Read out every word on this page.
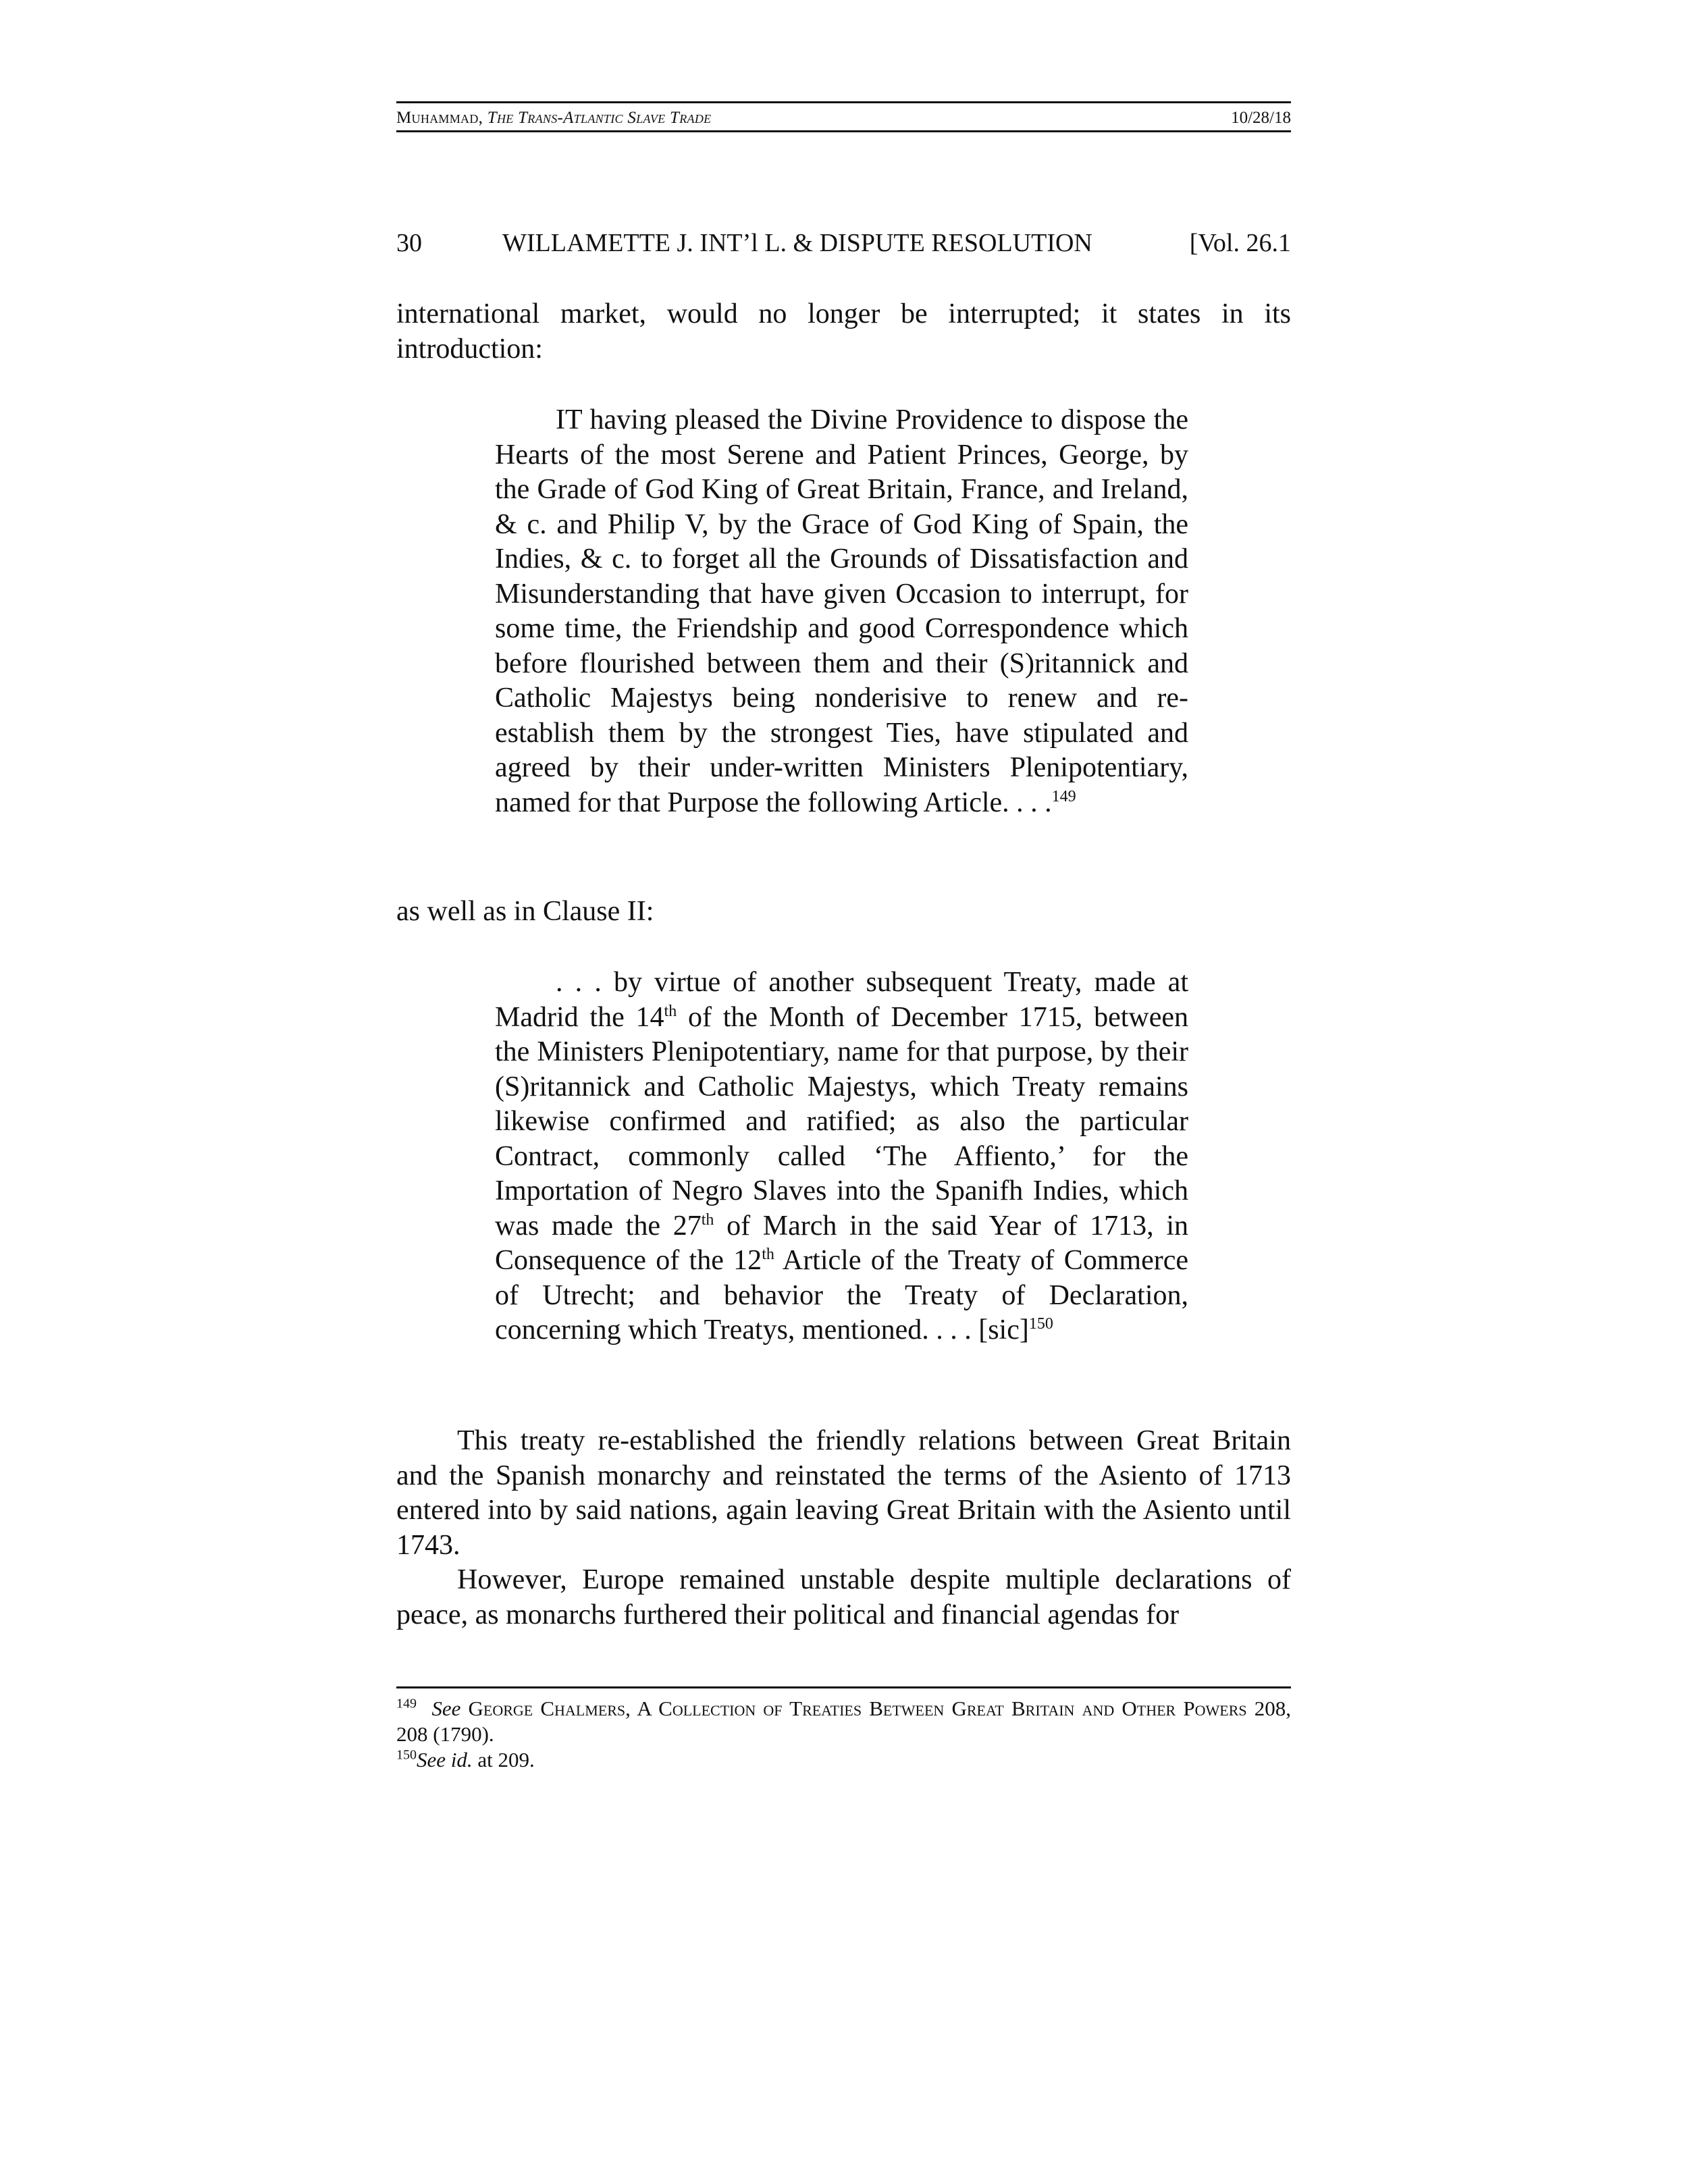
Muhammad, The Trans-Atlantic Slave Trade	10/28/18
30	WILLAMETTE J. INT’l L. & DISPUTE RESOLUTION	[Vol. 26.1

international market, would no longer be interrupted; it states in its introduction:

IT having pleased the Divine Providence to dispose the Hearts of the most Serene and Patient Princes, George, by the Grade of God King of Great Britain, France, and Ireland, & c. and Philip V, by the Grace of God King of Spain, the Indies, & c. to forget all the Grounds of Dissatisfaction and Misunderstanding that have given Occasion to interrupt, for some time, the Friendship and good Correspondence which before flourished between them and their (S)ritannick and Catholic Majestys being nonderisive to renew and re-establish them by the strongest Ties, have stipulated and agreed by their under-written Ministers Plenipotentiary, named for that Purpose the following Article. . . .$^{149}$

as well as in Clause II:

. . . by virtue of another subsequent Treaty, made at Madrid the 14th of the Month of December 1715, between the Ministers Plenipotentiary, name for that purpose, by their (S)ritannick and Catholic Majestys, which Treaty remains likewise confirmed and ratified; as also the particular Contract, commonly called ‘The Affiento,’ for the Importation of Negro Slaves into the Spanifh Indies, which was made the 27th of March in the said Year of 1713, in Consequence of the 12th Article of the Treaty of Commerce of Utrecht; and behavior the Treaty of Declaration, concerning which Treatys, mentioned. . . . [sic]$^{150}$

This treaty re-established the friendly relations between Great Britain and the Spanish monarchy and reinstated the terms of the Asiento of 1713 entered into by said nations, again leaving Great Britain with the Asiento until 1743.

However, Europe remained unstable despite multiple declarations of peace, as monarchs furthered their political and financial agendas for

$^{149}$ See George Chalmers, A Collection of Treaties Between Great Britain and Other Powers 208, 208 (1790).

$^{150}$See id. at 209.
